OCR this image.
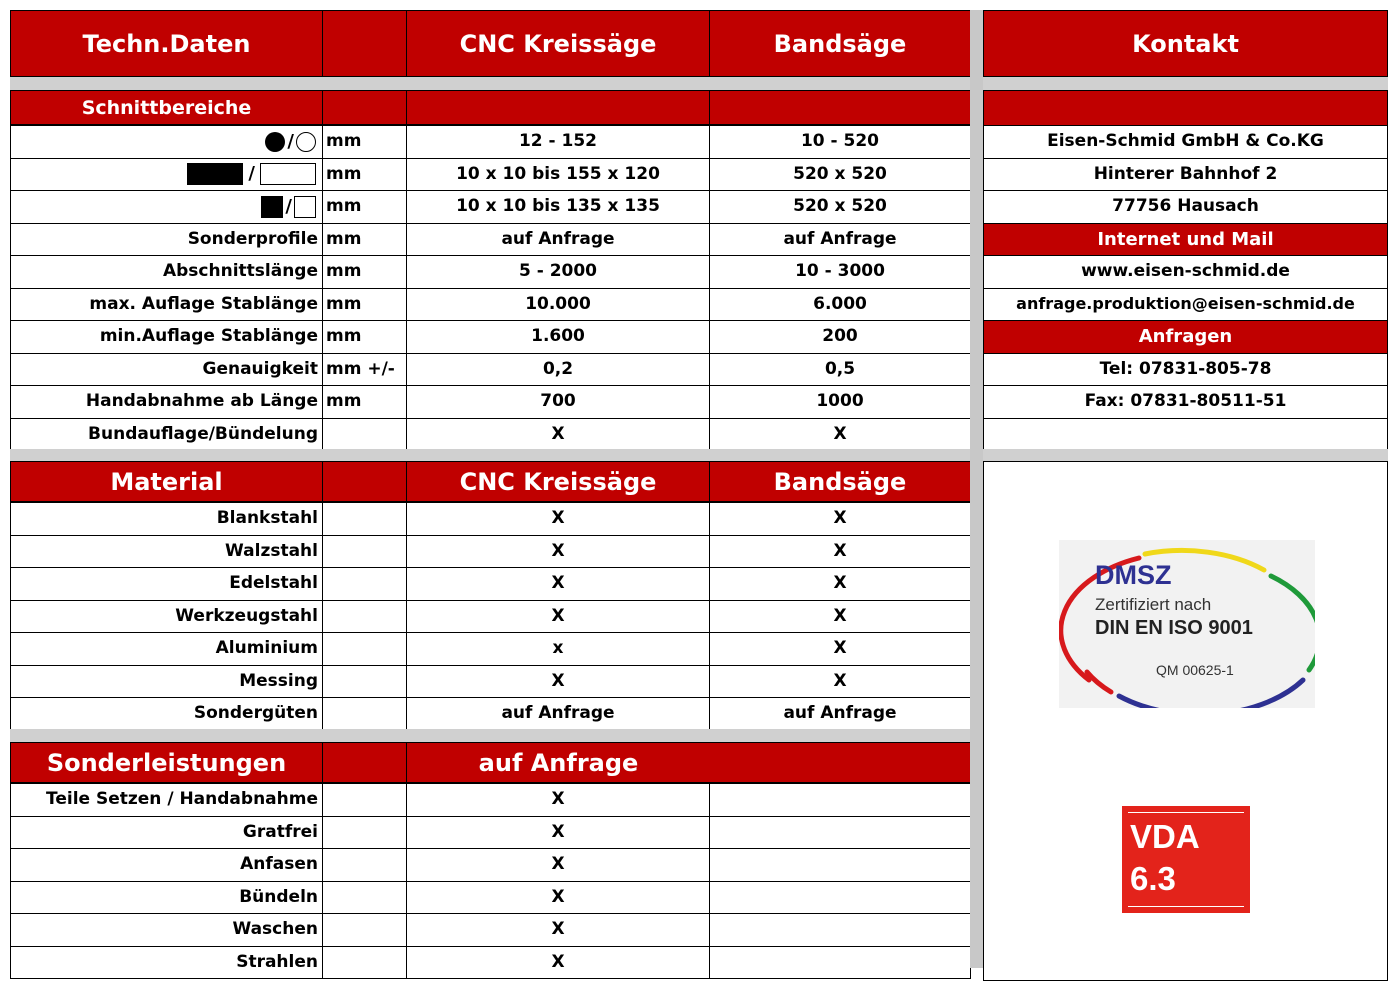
Techn.Daten	CNC Kreissäge	Bandsäge
Schnittbereiche
/ mm	12 - 152	10 - 520
/	mm	10 x 10 bis 155 x 120	520 x 520
/ mm	10 x 10 bis 135 x 135	520 x 520
Sonderprofile mm	auf Anfrage	auf Anfrage
Abschnittslänge mm	5 - 2000	10 - 3000
max. Auflage Stablänge mm	10.000	6.000
min.Auflage Stablänge mm	1.600	200
Genauigkeit mm +/-	0,2	0,5
Handabnahme ab Länge mm	700	1000
Bundauflage/Bündelung	X	X
Material	CNC Kreissäge	Bandsäge
Blankstahl	X	X
Walzstahl	X	X
Edelstahl	X	X
Werkzeugstahl	X	X
Aluminium	x	X
Messing	X	X
Sondergüten	auf Anfrage	auf Anfrage
Sonderleistungen	auf Anfrage
Teile Setzen / Handabnahme	X
Gratfrei	X
Anfasen	X
Bündeln	X
Waschen	X
Strahlen	X
Kontakt
Eisen-Schmid GmbH & Co.KG
Hinterer Bahnhof 2
77756 Hausach
Internet und Mail
www.eisen-schmid.de
anfrage.produktion@eisen-schmid.de
Anfragen
Tel: 07831-805-78
Fax: 07831-80511-51
DMSZ
Zertifiziert nach
DIN EN ISO 9001
QM 00625-1
VDA
6.3
